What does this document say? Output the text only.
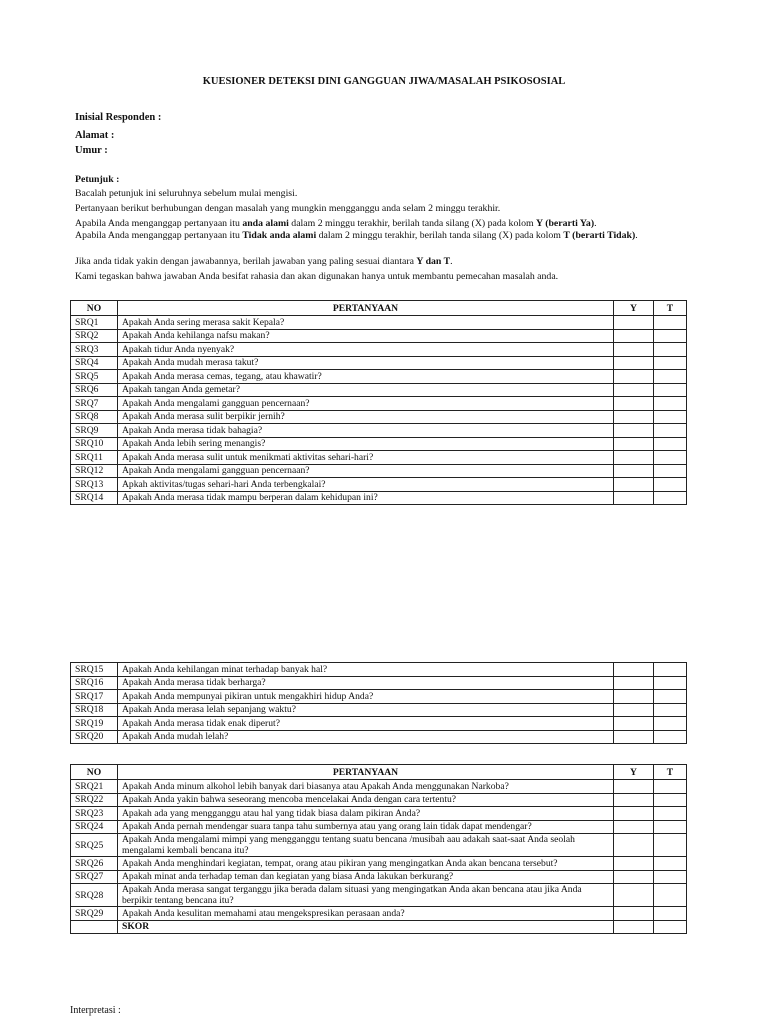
KUESIONER DETEKSI DINI GANGGUAN JIWA/MASALAH PSIKOSOSIAL
Inisial Responden :
Alamat :
Umur :
Petunjuk :
Bacalah petunjuk ini seluruhnya sebelum mulai mengisi.
Pertanyaan berikut berhubungan dengan masalah yang mungkin mengganggu anda selam 2 minggu terakhir.
Apabila Anda menganggap pertanyaan itu anda alami dalam 2 minggu terakhir, berilah tanda silang (X) pada kolom Y (berarti Ya).
Apabila Anda menganggap pertanyaan itu Tidak anda alami dalam 2 minggu terakhir, berilah tanda silang (X) pada kolom T (berarti Tidak).
Jika anda tidak yakin dengan jawabannya, berilah jawaban yang paling sesuai diantara Y dan T.
Kami tegaskan bahwa jawaban Anda besifat rahasia dan akan digunakan hanya untuk membantu pemecahan masalah anda.
NO	PERTANYAAN	Y	T
SRQ1	Apakah Anda sering merasa sakit Kepala?		
SRQ2	Apakah Anda kehilanga nafsu makan?		
SRQ3	Apakah tidur Anda nyenyak?		
SRQ4	Apakah Anda mudah merasa takut?		
SRQ5	Apakah Anda merasa cemas, tegang, atau khawatir?		
SRQ6	Apakah tangan Anda gemetar?		
SRQ7	Apakah Anda mengalami gangguan pencernaan?		
SRQ8	Apakah Anda merasa sulit berpikir jernih?		
SRQ9	Apakah Anda merasa tidak bahagia?		
SRQ10	Apakah Anda lebih sering menangis?		
SRQ11	Apakah Anda merasa sulit untuk menikmati aktivitas sehari-hari?		
SRQ12	Apakah Anda mengalami gangguan pencernaan?		
SRQ13	Apkah aktivitas/tugas sehari-hari Anda terbengkalai?		
SRQ14	Apakah Anda merasa tidak mampu berperan dalam kehidupan ini?		
SRQ15	Apakah Anda kehilangan minat terhadap banyak hal?		
SRQ16	Apakah Anda merasa tidak berharga?		
SRQ17	Apakah Anda mempunyai pikiran untuk mengakhiri hidup Anda?		
SRQ18	Apakah Anda merasa lelah sepanjang waktu?		
SRQ19	Apakah Anda merasa tidak enak diperut?		
SRQ20	Apakah Anda mudah lelah?		
NO	PERTANYAAN	Y	T
SRQ21	Apakah Anda minum alkohol lebih banyak dari biasanya atau Apakah Anda menggunakan Narkoba?		
SRQ22	Apakah Anda yakin bahwa seseorang mencoba mencelakai Anda dengan cara tertentu?		
SRQ23	Apakah ada yang mengganggu atau hal yang tidak biasa dalam pikiran Anda?		
SRQ24	Apakah Anda pernah mendengar suara tanpa tahu sumbernya atau yang orang lain tidak dapat mendengar?		
SRQ25	Apakah Anda mengalami mimpi yang mengganggu tentang suatu bencana /musibah aau adakah saat-saat Anda seolah mengalami kembali bencana itu?		
SRQ26	Apakah Anda menghindari kegiatan, tempat, orang atau pikiran yang mengingatkan Anda akan bencana tersebut?		
SRQ27	Apakah minat anda terhadap teman dan kegiatan yang biasa Anda lakukan berkurang?		
SRQ28	Apakah Anda merasa sangat terganggu jika berada dalam situasi yang mengingatkan Anda akan bencana atau jika Anda berpikir tentang bencana itu?		
SRQ29	Apakah Anda kesulitan memahami atau mengekspresikan perasaan anda?		
	SKOR		
Interpretasi :
